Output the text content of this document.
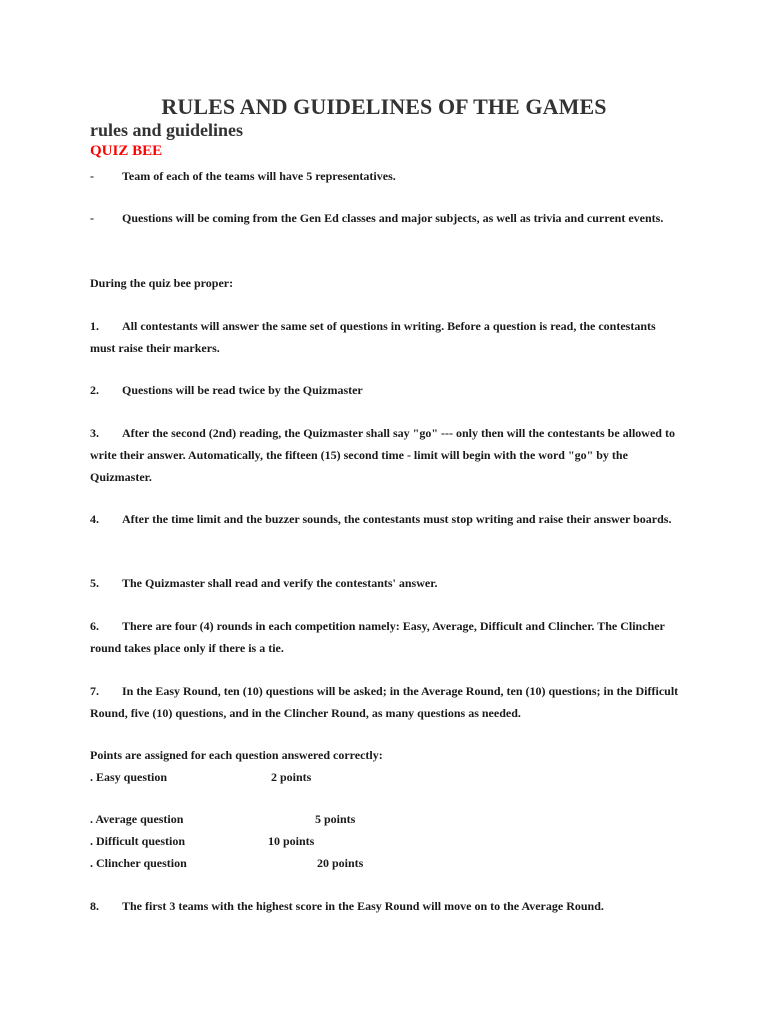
RULES AND GUIDELINES OF THE GAMES
rules and guidelines
QUIZ BEE
- Team of each of the teams will have 5 representatives.
- Questions will be coming from the Gen Ed classes and major subjects, as well as trivia and current events.
During the quiz bee proper:
1. All contestants will answer the same set of questions in writing. Before a question is read, the contestants must raise their markers.
2. Questions will be read twice by the Quizmaster
3. After the second (2nd) reading, the Quizmaster shall say "go" --- only then will the contestants be allowed to write their answer. Automatically, the fifteen (15) second time - limit will begin with the word "go" by the Quizmaster.
4. After the time limit and the buzzer sounds, the contestants must stop writing and raise their answer boards.
5. The Quizmaster shall read and verify the contestants' answer.
6. There are four (4) rounds in each competition namely: Easy, Average, Difficult and Clincher. The Clincher round takes place only if there is a tie.
7. In the Easy Round, ten (10) questions will be asked; in the Average Round, ten (10) questions; in the Difficult Round, five (10) questions, and in the Clincher Round, as many questions as needed.
Points are assigned for each question answered correctly:
. Easy question	2 points
. Average question	5 points
. Difficult question	10 points
. Clincher question	20 points
8. The first 3 teams with the highest score in the Easy Round will move on to the Average Round.
